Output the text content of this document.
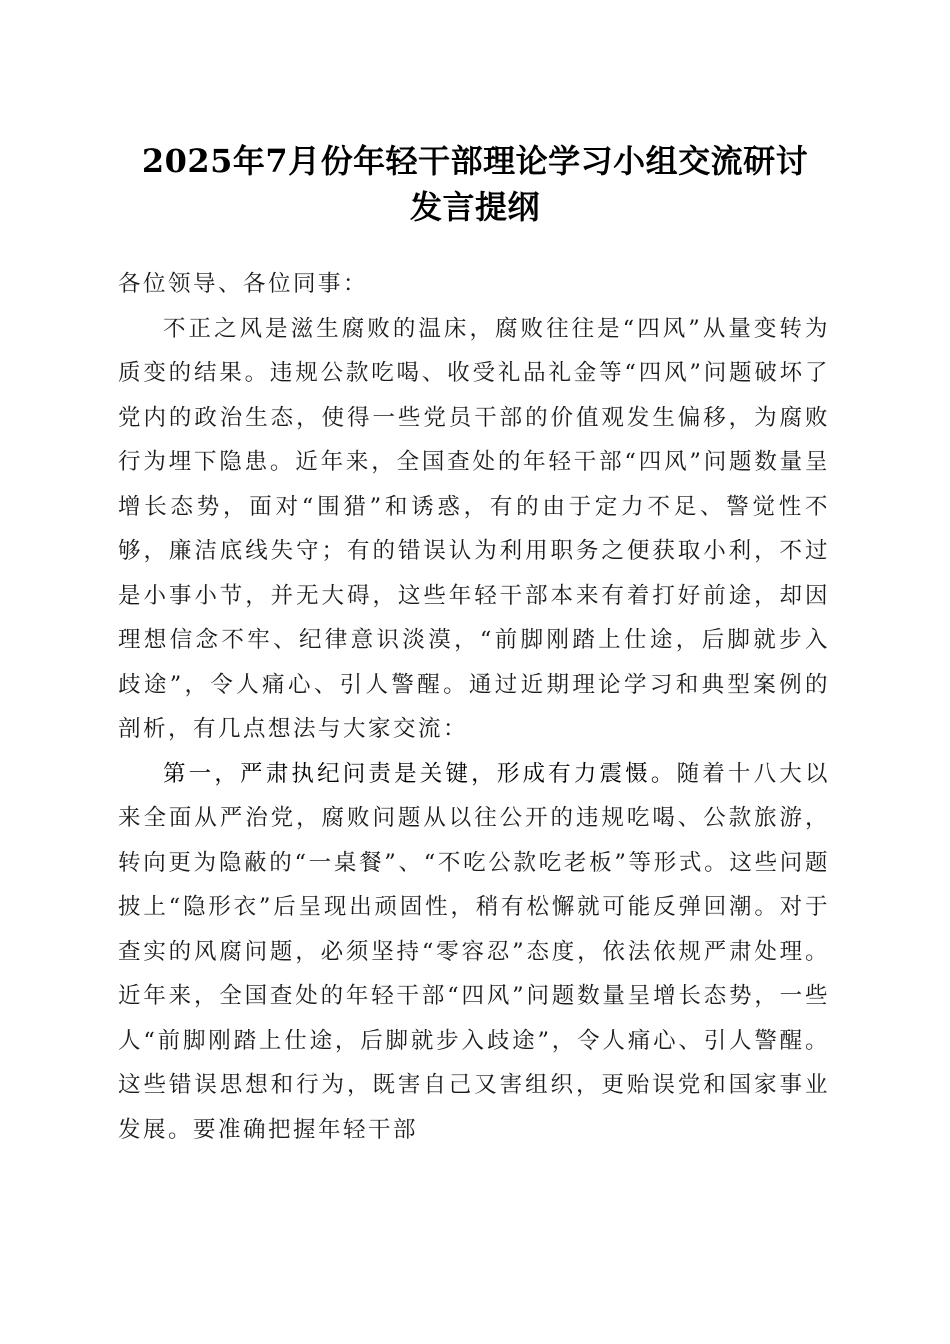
2025年7月份年轻干部理论学习小组交流研讨
发言提纲

各位领导、各位同事：

不正之风是滋生腐败的温床，腐败往往是“四风”从量变转为质变的结果。违规公款吃喝、收受礼品礼金等“四风”问题破坏了党内的政治生态，使得一些党员干部的价值观发生偏移，为腐败行为埋下隐患。近年来，全国查处的年轻干部“四风”问题数量呈增长态势，面对“围猎”和诱惑，有的由于定力不足、警觉性不够，廉洁底线失守；有的错误认为利用职务之便获取小利，不过是小事小节，并无大碍，这些年轻干部本来有着打好前途，却因理想信念不牢、纪律意识淡漠，“前脚刚踏上仕途，后脚就步入歧途”，令人痛心、引人警醒。通过近期理论学习和典型案例的剖析，有几点想法与大家交流：

第一，严肃执纪问责是关键，形成有力震慑。随着十八大以来全面从严治党，腐败问题从以往公开的违规吃喝、公款旅游，转向更为隐蔽的“一桌餐”、“不吃公款吃老板”等形式。这些问题披上“隐形衣”后呈现出顽固性，稍有松懈就可能反弹回潮。对于查实的风腐问题，必须坚持“零容忍”态度，依法依规严肃处理。近年来，全国查处的年轻干部“四风”问题数量呈增长态势，一些人“前脚刚踏上仕途，后脚就步入歧途”，令人痛心、引人警醒。这些错误思想和行为，既害自己又害组织，更贻误党和国家事业发展。要准确把握年轻干部
